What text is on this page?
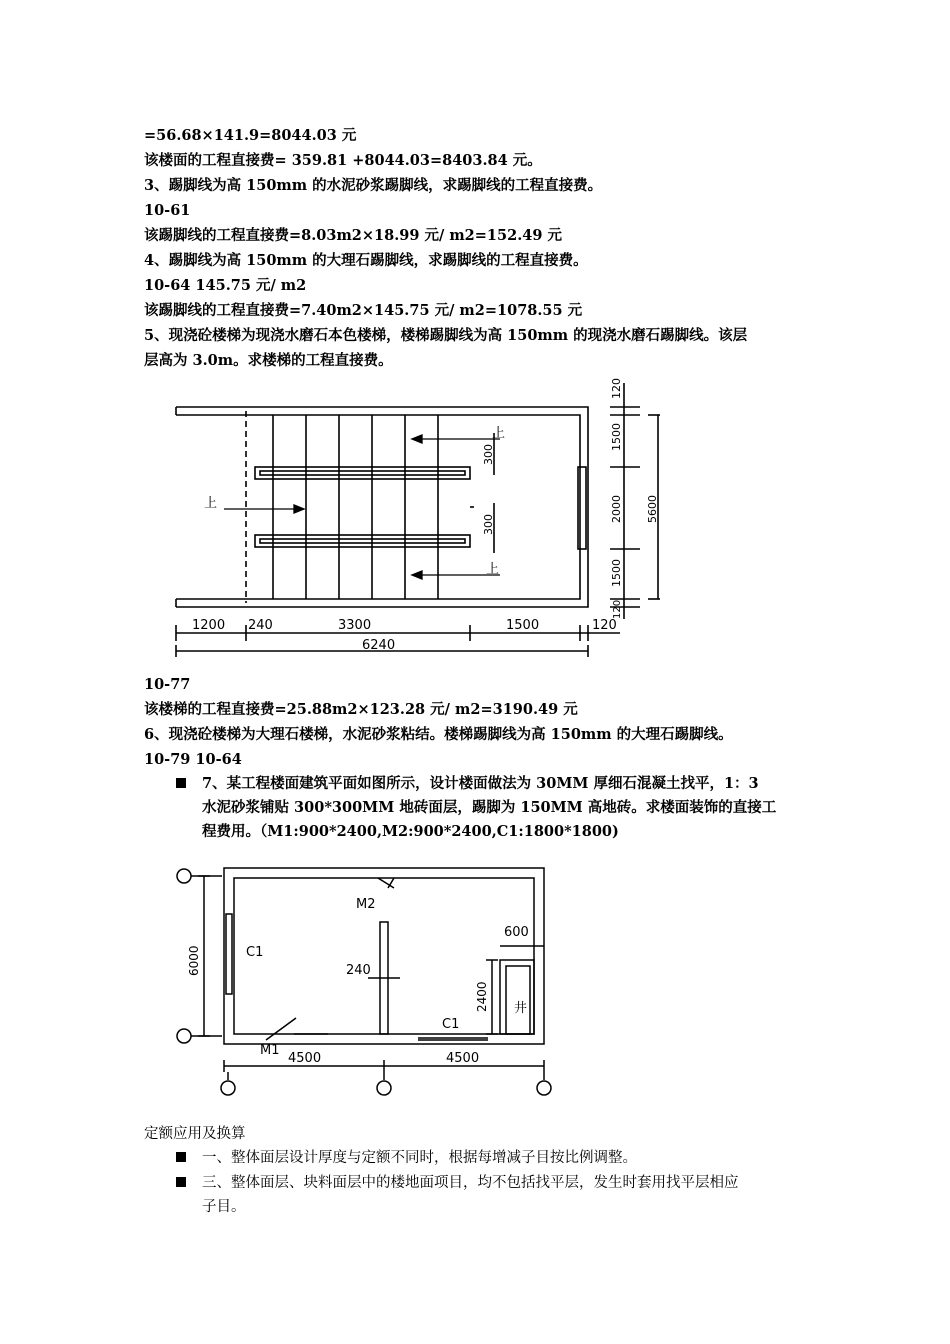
=56.68×141.9=8044.03 元
该楼面的工程直接费= 359.81 +8044.03=8403.84 元。
3、踢脚线为高 150mm 的水泥砂浆踢脚线，求踢脚线的工程直接费。
10-61
该踢脚线的工程直接费=8.03m2×18.99 元/ m2=152.49 元
4、踢脚线为高 150mm 的大理石踢脚线，求踢脚线的工程直接费。
10-64 145.75 元/ m2
该踢脚线的工程直接费=7.40m2×145.75 元/ m2=1078.55 元
5、现浇砼楼梯为现浇水磨石本色楼梯，楼梯踢脚线为高 150mm 的现浇水磨石踢脚线。该层
层高为 3.0m。求楼梯的工程直接费。
上
上
上
1200 240	3300	1500	120
6240
120
1500
2000
1500
120
5600
300
300
10-77
该楼梯的工程直接费=25.88m2×123.28 元/ m2=3190.49 元
6、现浇砼楼梯为大理石楼梯，水泥砂浆粘结。楼梯踢脚线为高 150mm 的大理石踢脚线。
10-79 10-64
7、某工程楼面建筑平面如图所示，设计楼面做法为 30MM 厚细石混凝土找平，1：3
水泥砂浆铺贴 300*300MM 地砖面层，踢脚为 150MM 高地砖。求楼面装饰的直接工
程费用。（M1:900*2400,M2:900*2400,C1:1800*1800)
M2
M1
C1
C1
600
240
2400
6000
4500	4500
井
定额应用及换算
一、整体面层设计厚度与定额不同时，根据每增减子目按比例调整。
三、整体面层、块料面层中的楼地面项目，均不包括找平层，发生时套用找平层相应
子目。
